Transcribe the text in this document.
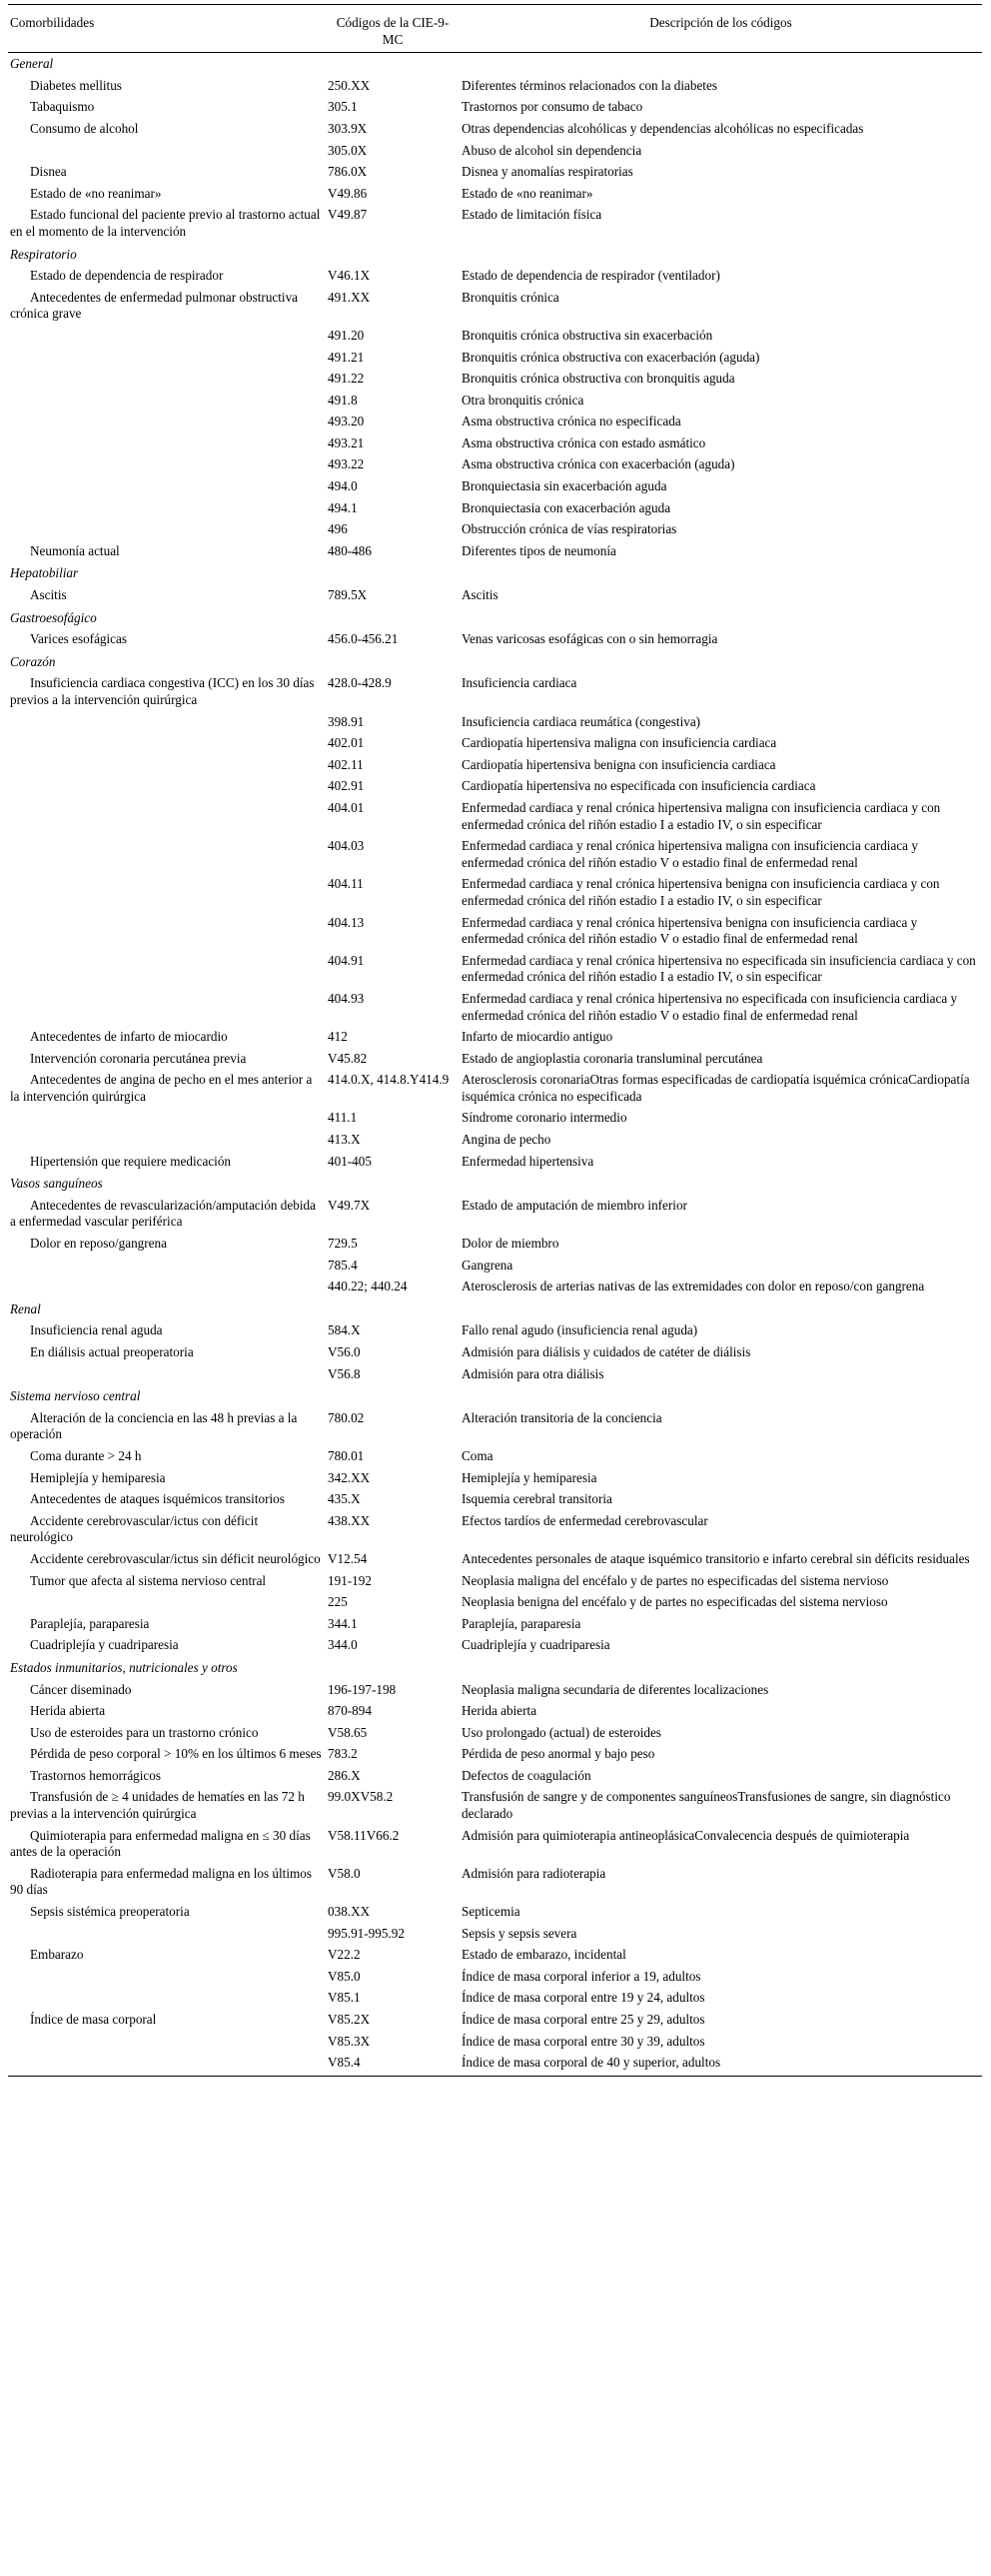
Comorbilidades	Códigos de la CIE-9-MC	Descripción de los códigos
General		

Diabetes mellitus	250.XX	Diferentes términos relacionados con la diabetes

Tabaquismo	305.1	Trastornos por consumo de tabaco

Consumo de alcohol	303.9X	Otras dependencias alcohólicas y dependencias alcohólicas no especificadas

	305.0X	Abuso de alcohol sin dependencia

Disnea	786.0X	Disnea y anomalías respiratorias

Estado de «no reanimar»	V49.86	Estado de «no reanimar»

Estado funcional del paciente previo al trastorno actual en el momento de la intervención	V49.87	Estado de limitación física
Respiratorio		

Estado de dependencia de respirador	V46.1X	Estado de dependencia de respirador (ventilador)

Antecedentes de enfermedad pulmonar obstructiva crónica grave	491.XX	Bronquitis crónica

	491.20	Bronquitis crónica obstructiva sin exacerbación

	491.21	Bronquitis crónica obstructiva con exacerbación (aguda)

	491.22	Bronquitis crónica obstructiva con bronquitis aguda

	491.8	Otra bronquitis crónica

	493.20	Asma obstructiva crónica no especificada

	493.21	Asma obstructiva crónica con estado asmático

	493.22	Asma obstructiva crónica con exacerbación (aguda)

	494.0	Bronquiectasia sin exacerbación aguda

	494.1	Bronquiectasia con exacerbación aguda

	496	Obstrucción crónica de vías respiratorias

Neumonía actual	480-486	Diferentes tipos de neumonía
Hepatobiliar		

Ascitis	789.5X	Ascitis
Gastroesofágico		

Varices esofágicas	456.0-456.21	Venas varicosas esofágicas con o sin hemorragia
Corazón		

Insuficiencia cardiaca congestiva (ICC) en los 30 días previos a la intervención quirúrgica	428.0-428.9	Insuficiencia cardiaca

	398.91	Insuficiencia cardiaca reumática (congestiva)

	402.01	Cardiopatía hipertensiva maligna con insuficiencia cardiaca

	402.11	Cardiopatía hipertensiva benigna con insuficiencia cardiaca

	402.91	Cardiopatía hipertensiva no especificada con insuficiencia cardiaca

	404.01	Enfermedad cardiaca y renal crónica hipertensiva maligna con insuficiencia cardiaca y con enfermedad crónica del riñón estadio I a estadio IV, o sin especificar

	404.03	Enfermedad cardiaca y renal crónica hipertensiva maligna con insuficiencia cardiaca y enfermedad crónica del riñón estadio V o estadio final de enfermedad renal

	404.11	Enfermedad cardiaca y renal crónica hipertensiva benigna con insuficiencia cardiaca y con enfermedad crónica del riñón estadio I a estadio IV, o sin especificar

	404.13	Enfermedad cardiaca y renal crónica hipertensiva benigna con insuficiencia cardiaca y enfermedad crónica del riñón estadio V o estadio final de enfermedad renal

	404.91	Enfermedad cardiaca y renal crónica hipertensiva no especificada sin insuficiencia cardiaca y con enfermedad crónica del riñón estadio I a estadio IV, o sin especificar

	404.93	Enfermedad cardiaca y renal crónica hipertensiva no especificada con insuficiencia cardiaca y enfermedad crónica del riñón estadio V o estadio final de enfermedad renal

Antecedentes de infarto de miocardio	412	Infarto de miocardio antiguo

Intervención coronaria percutánea previa	V45.82	Estado de angioplastia coronaria transluminal percutánea

Antecedentes de angina de pecho en el mes anterior a la intervención quirúrgica	414.0.X, 414.8.Y414.9	Aterosclerosis coronariaOtras formas especificadas de cardiopatía isquémica crónicaCardiopatía isquémica crónica no especificada

	411.1	Síndrome coronario intermedio

	413.X	Angina de pecho

Hipertensión que requiere medicación	401-405	Enfermedad hipertensiva
Vasos sanguíneos		

Antecedentes de revascularización/amputación debida a enfermedad vascular periférica	V49.7X	Estado de amputación de miembro inferior

Dolor en reposo/gangrena	729.5	Dolor de miembro

	785.4	Gangrena

	440.22; 440.24	Aterosclerosis de arterias nativas de las extremidades con dolor en reposo/con gangrena
Renal		

Insuficiencia renal aguda	584.X	Fallo renal agudo (insuficiencia renal aguda)

En diálisis actual preoperatoria	V56.0	Admisión para diálisis y cuidados de catéter de diálisis

	V56.8	Admisión para otra diálisis
Sistema nervioso central		

Alteración de la conciencia en las 48 h previas a la operación	780.02	Alteración transitoria de la conciencia

Coma durante > 24 h	780.01	Coma

Hemiplejía y hemiparesia	342.XX	Hemiplejía y hemiparesia

Antecedentes de ataques isquémicos transitorios	435.X	Isquemia cerebral transitoria

Accidente cerebrovascular/ictus con déficit neurológico	438.XX	Efectos tardíos de enfermedad cerebrovascular

Accidente cerebrovascular/ictus sin déficit neurológico	V12.54	Antecedentes personales de ataque isquémico transitorio e infarto cerebral sin déficits residuales

Tumor que afecta al sistema nervioso central	191-192	Neoplasia maligna del encéfalo y de partes no especificadas del sistema nervioso

	225	Neoplasia benigna del encéfalo y de partes no especificadas del sistema nervioso

Paraplejía, paraparesia	344.1	Paraplejía, paraparesia

Cuadriplejía y cuadriparesia	344.0	Cuadriplejía y cuadriparesia
Estados inmunitarios, nutricionales y otros		

Cáncer diseminado	196-197-198	Neoplasia maligna secundaria de diferentes localizaciones

Herida abierta	870-894	Herida abierta

Uso de esteroides para un trastorno crónico	V58.65	Uso prolongado (actual) de esteroides

Pérdida de peso corporal > 10% en los últimos 6 meses	783.2	Pérdida de peso anormal y bajo peso

Trastornos hemorrágicos	286.X	Defectos de coagulación

Transfusión de ≥ 4 unidades de hematíes en las 72 h previas a la intervención quirúrgica	99.0XV58.2	Transfusión de sangre y de componentes sanguíneosTransfusiones de sangre, sin diagnóstico declarado

Quimioterapia para enfermedad maligna en ≤ 30 días antes de la operación	V58.11V66.2	Admisión para quimioterapia antineoplásicaConvalecencia después de quimioterapia

Radioterapia para enfermedad maligna en los últimos 90 días	V58.0	Admisión para radioterapia

Sepsis sistémica preoperatoria	038.XX	Septicemia

	995.91-995.92	Sepsis y sepsis severa

Embarazo	V22.2	Estado de embarazo, incidental

	V85.0	Índice de masa corporal inferior a 19, adultos

	V85.1	Índice de masa corporal entre 19 y 24, adultos

Índice de masa corporal	V85.2X	Índice de masa corporal entre 25 y 29, adultos

	V85.3X	Índice de masa corporal entre 30 y 39, adultos

	V85.4	Índice de masa corporal de 40 y superior, adultos
